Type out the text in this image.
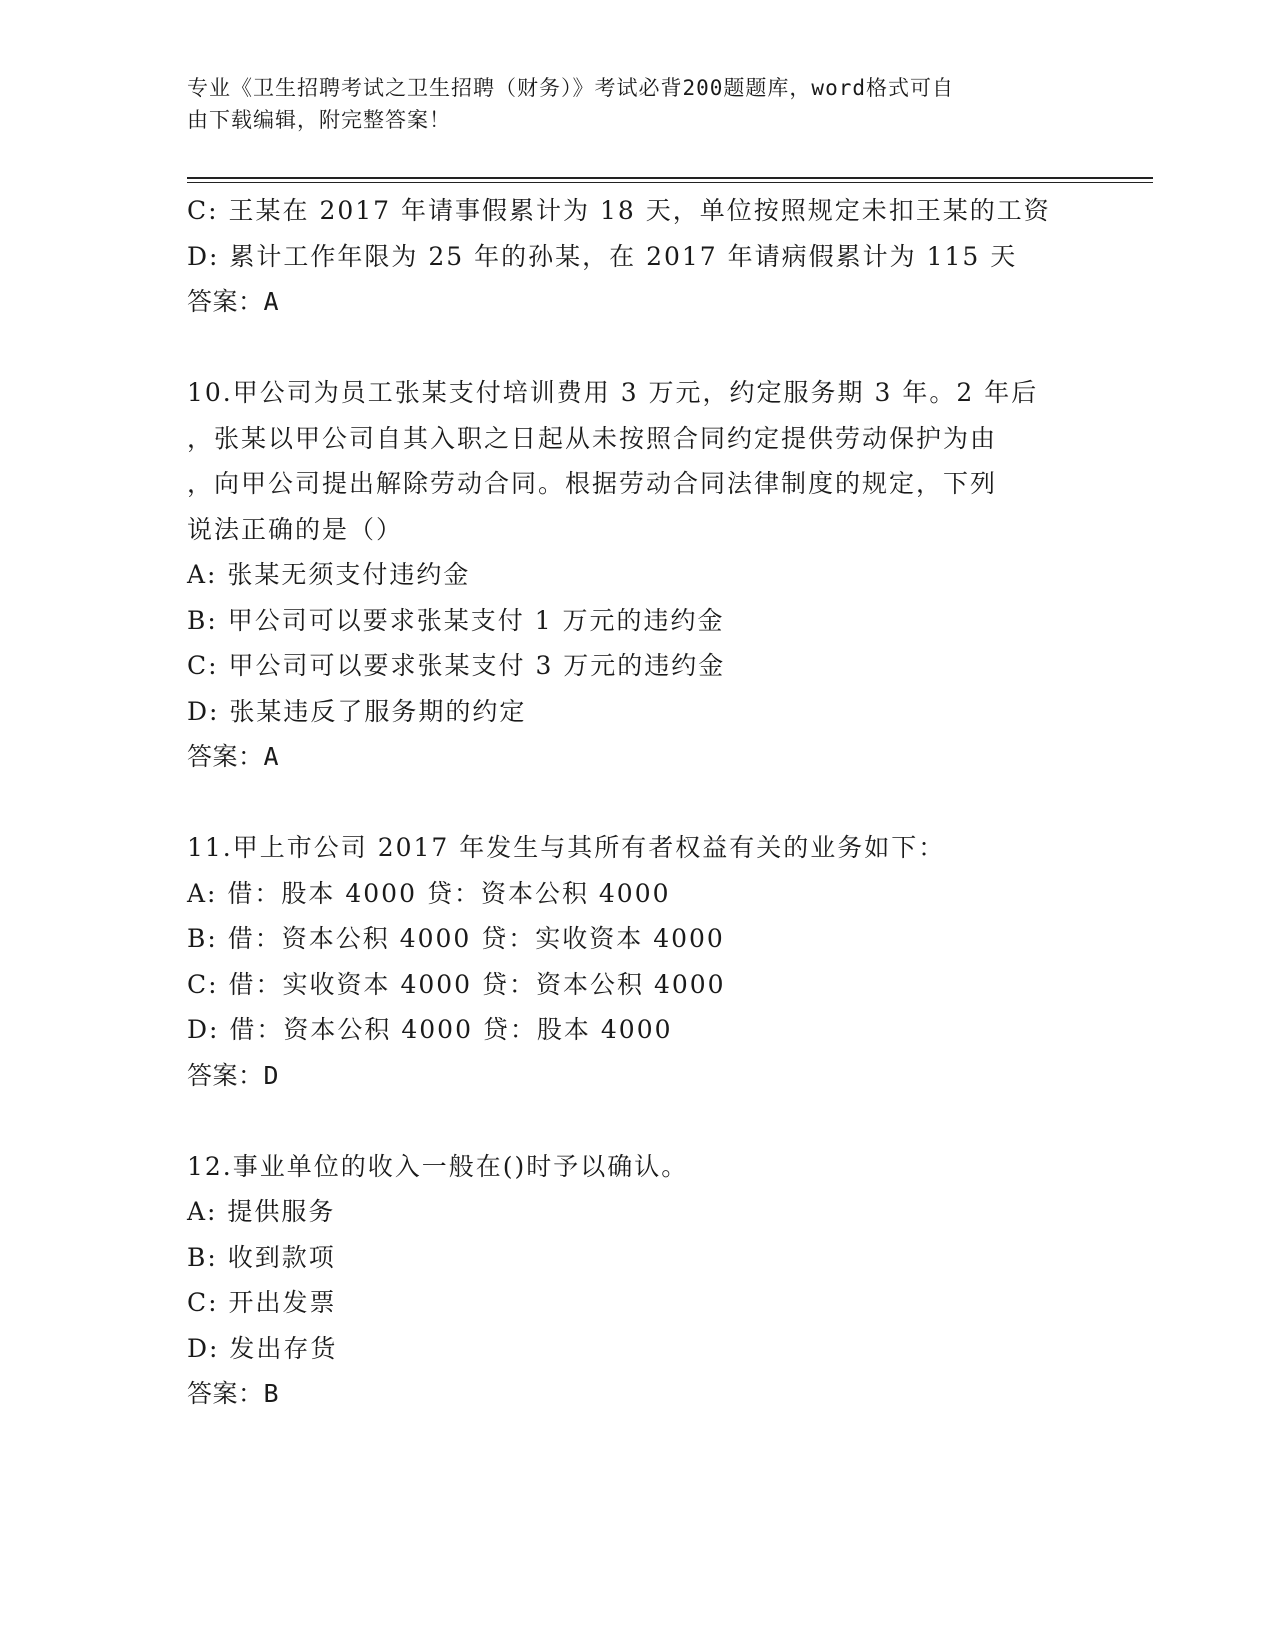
专业《卫生招聘考试之卫生招聘（财务）》考试必背200题题库，word格式可自
由下载编辑，附完整答案！
C: 王某在 2017 年请事假累计为 18 天，单位按照规定未扣王某的工资
D: 累计工作年限为 25 年的孙某，在 2017 年请病假累计为 115 天
答案：A
10.甲公司为员工张某支付培训费用 3 万元，约定服务期 3 年。2 年后
，张某以甲公司自其入职之日起从未按照合同约定提供劳动保护为由
，向甲公司提出解除劳动合同。根据劳动合同法律制度的规定，下列
说法正确的是（）
A: 张某无须支付违约金
B: 甲公司可以要求张某支付 1 万元的违约金
C: 甲公司可以要求张某支付 3 万元的违约金
D: 张某违反了服务期的约定
答案：A
11.甲上市公司 2017 年发生与其所有者权益有关的业务如下：
A: 借：股本 4000 贷：资本公积 4000
B: 借：资本公积 4000 贷：实收资本 4000
C: 借：实收资本 4000 贷：资本公积 4000
D: 借：资本公积 4000 贷：股本 4000
答案：D
12.事业单位的收入一般在()时予以确认。
A: 提供服务
B: 收到款项
C: 开出发票
D: 发出存货
答案：B
